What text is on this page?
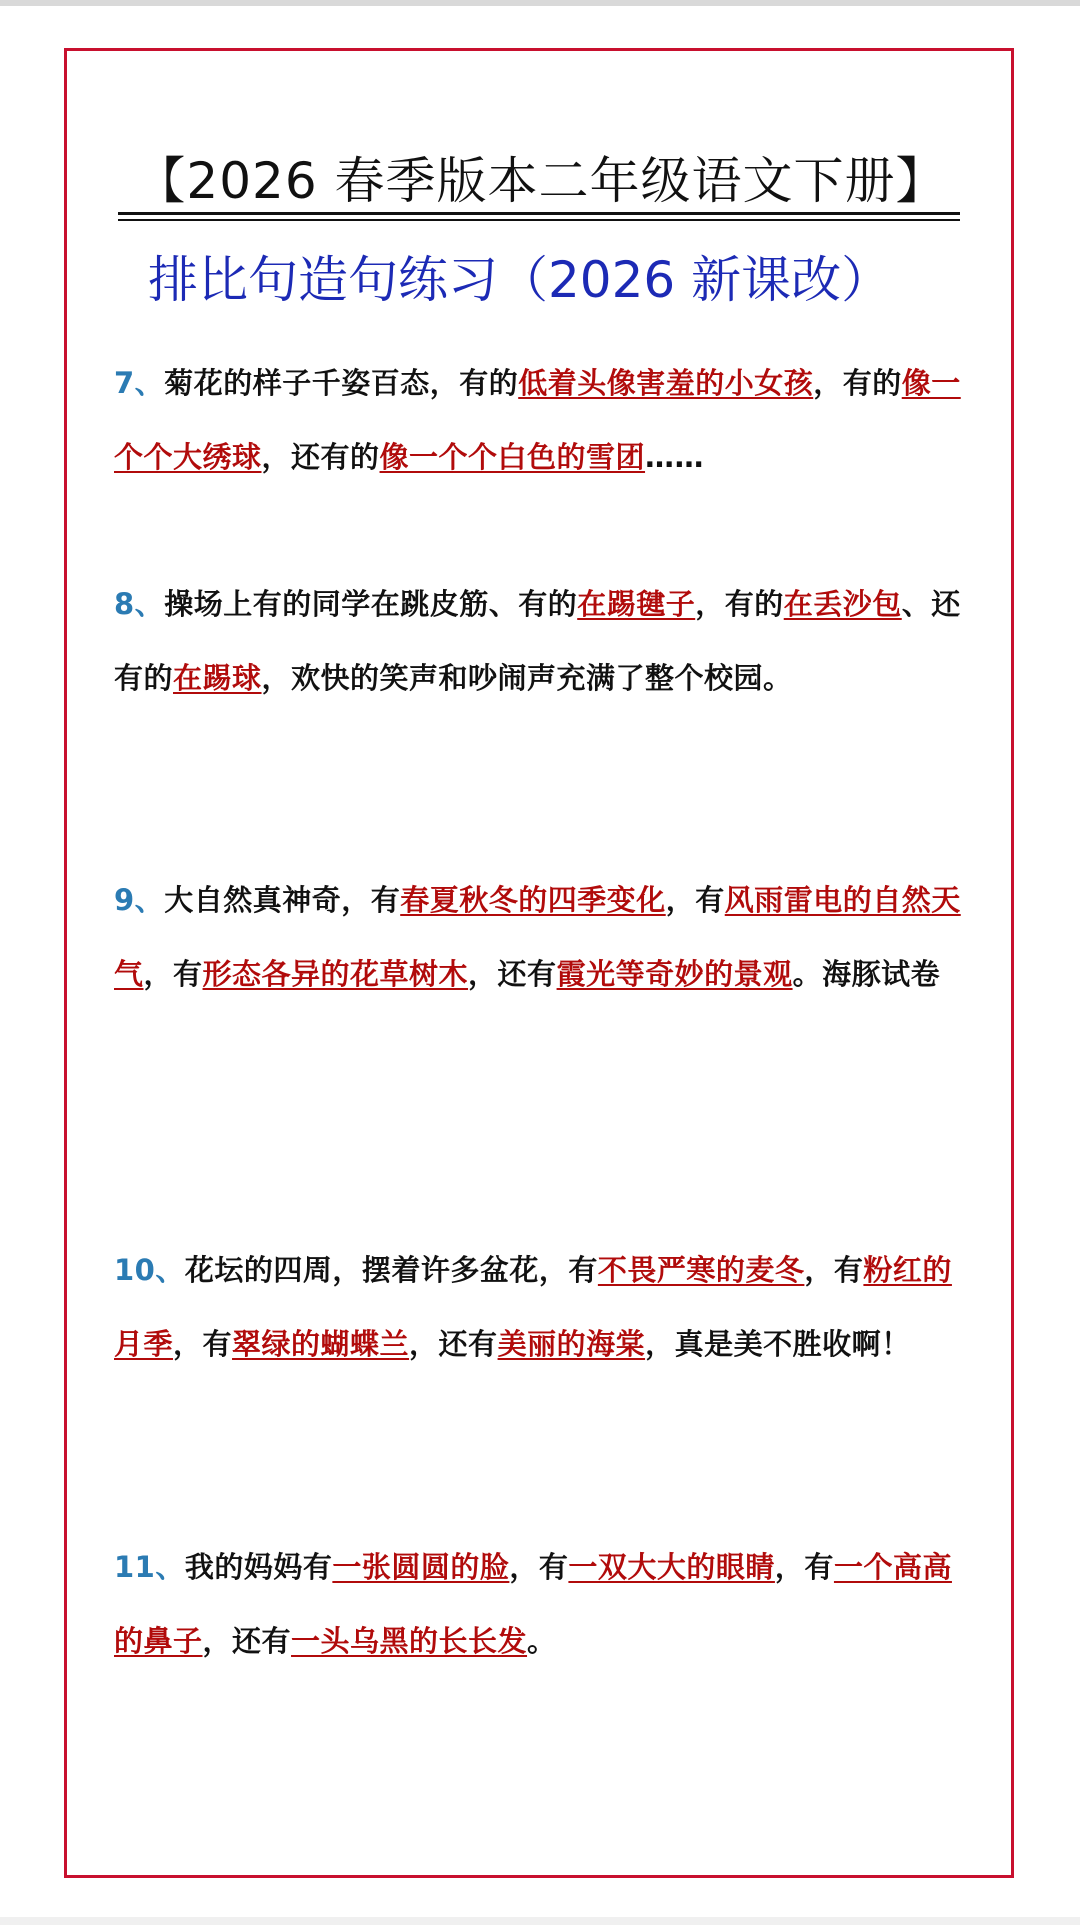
【2026 春季版本二年级语文下册】
排比句造句练习（2026 新课改）
7、菊花的样子千姿百态，有的低着头像害羞的小女孩，有的像一个个大绣球，还有的像一个个白色的雪团……
8、操场上有的同学在跳皮筋、有的在踢毽子，有的在丢沙包、还有的在踢球，欢快的笑声和吵闹声充满了整个校园。
9、大自然真神奇，有春夏秋冬的四季变化，有风雨雷电的自然天气，有形态各异的花草树木，还有霞光等奇妙的景观。海豚试卷
10、花坛的四周，摆着许多盆花，有不畏严寒的麦冬，有粉红的月季，有翠绿的蝴蝶兰，还有美丽的海棠，真是美不胜收啊！
11、我的妈妈有一张圆圆的脸，有一双大大的眼睛，有一个高高的鼻子，还有一头乌黑的长长发。
